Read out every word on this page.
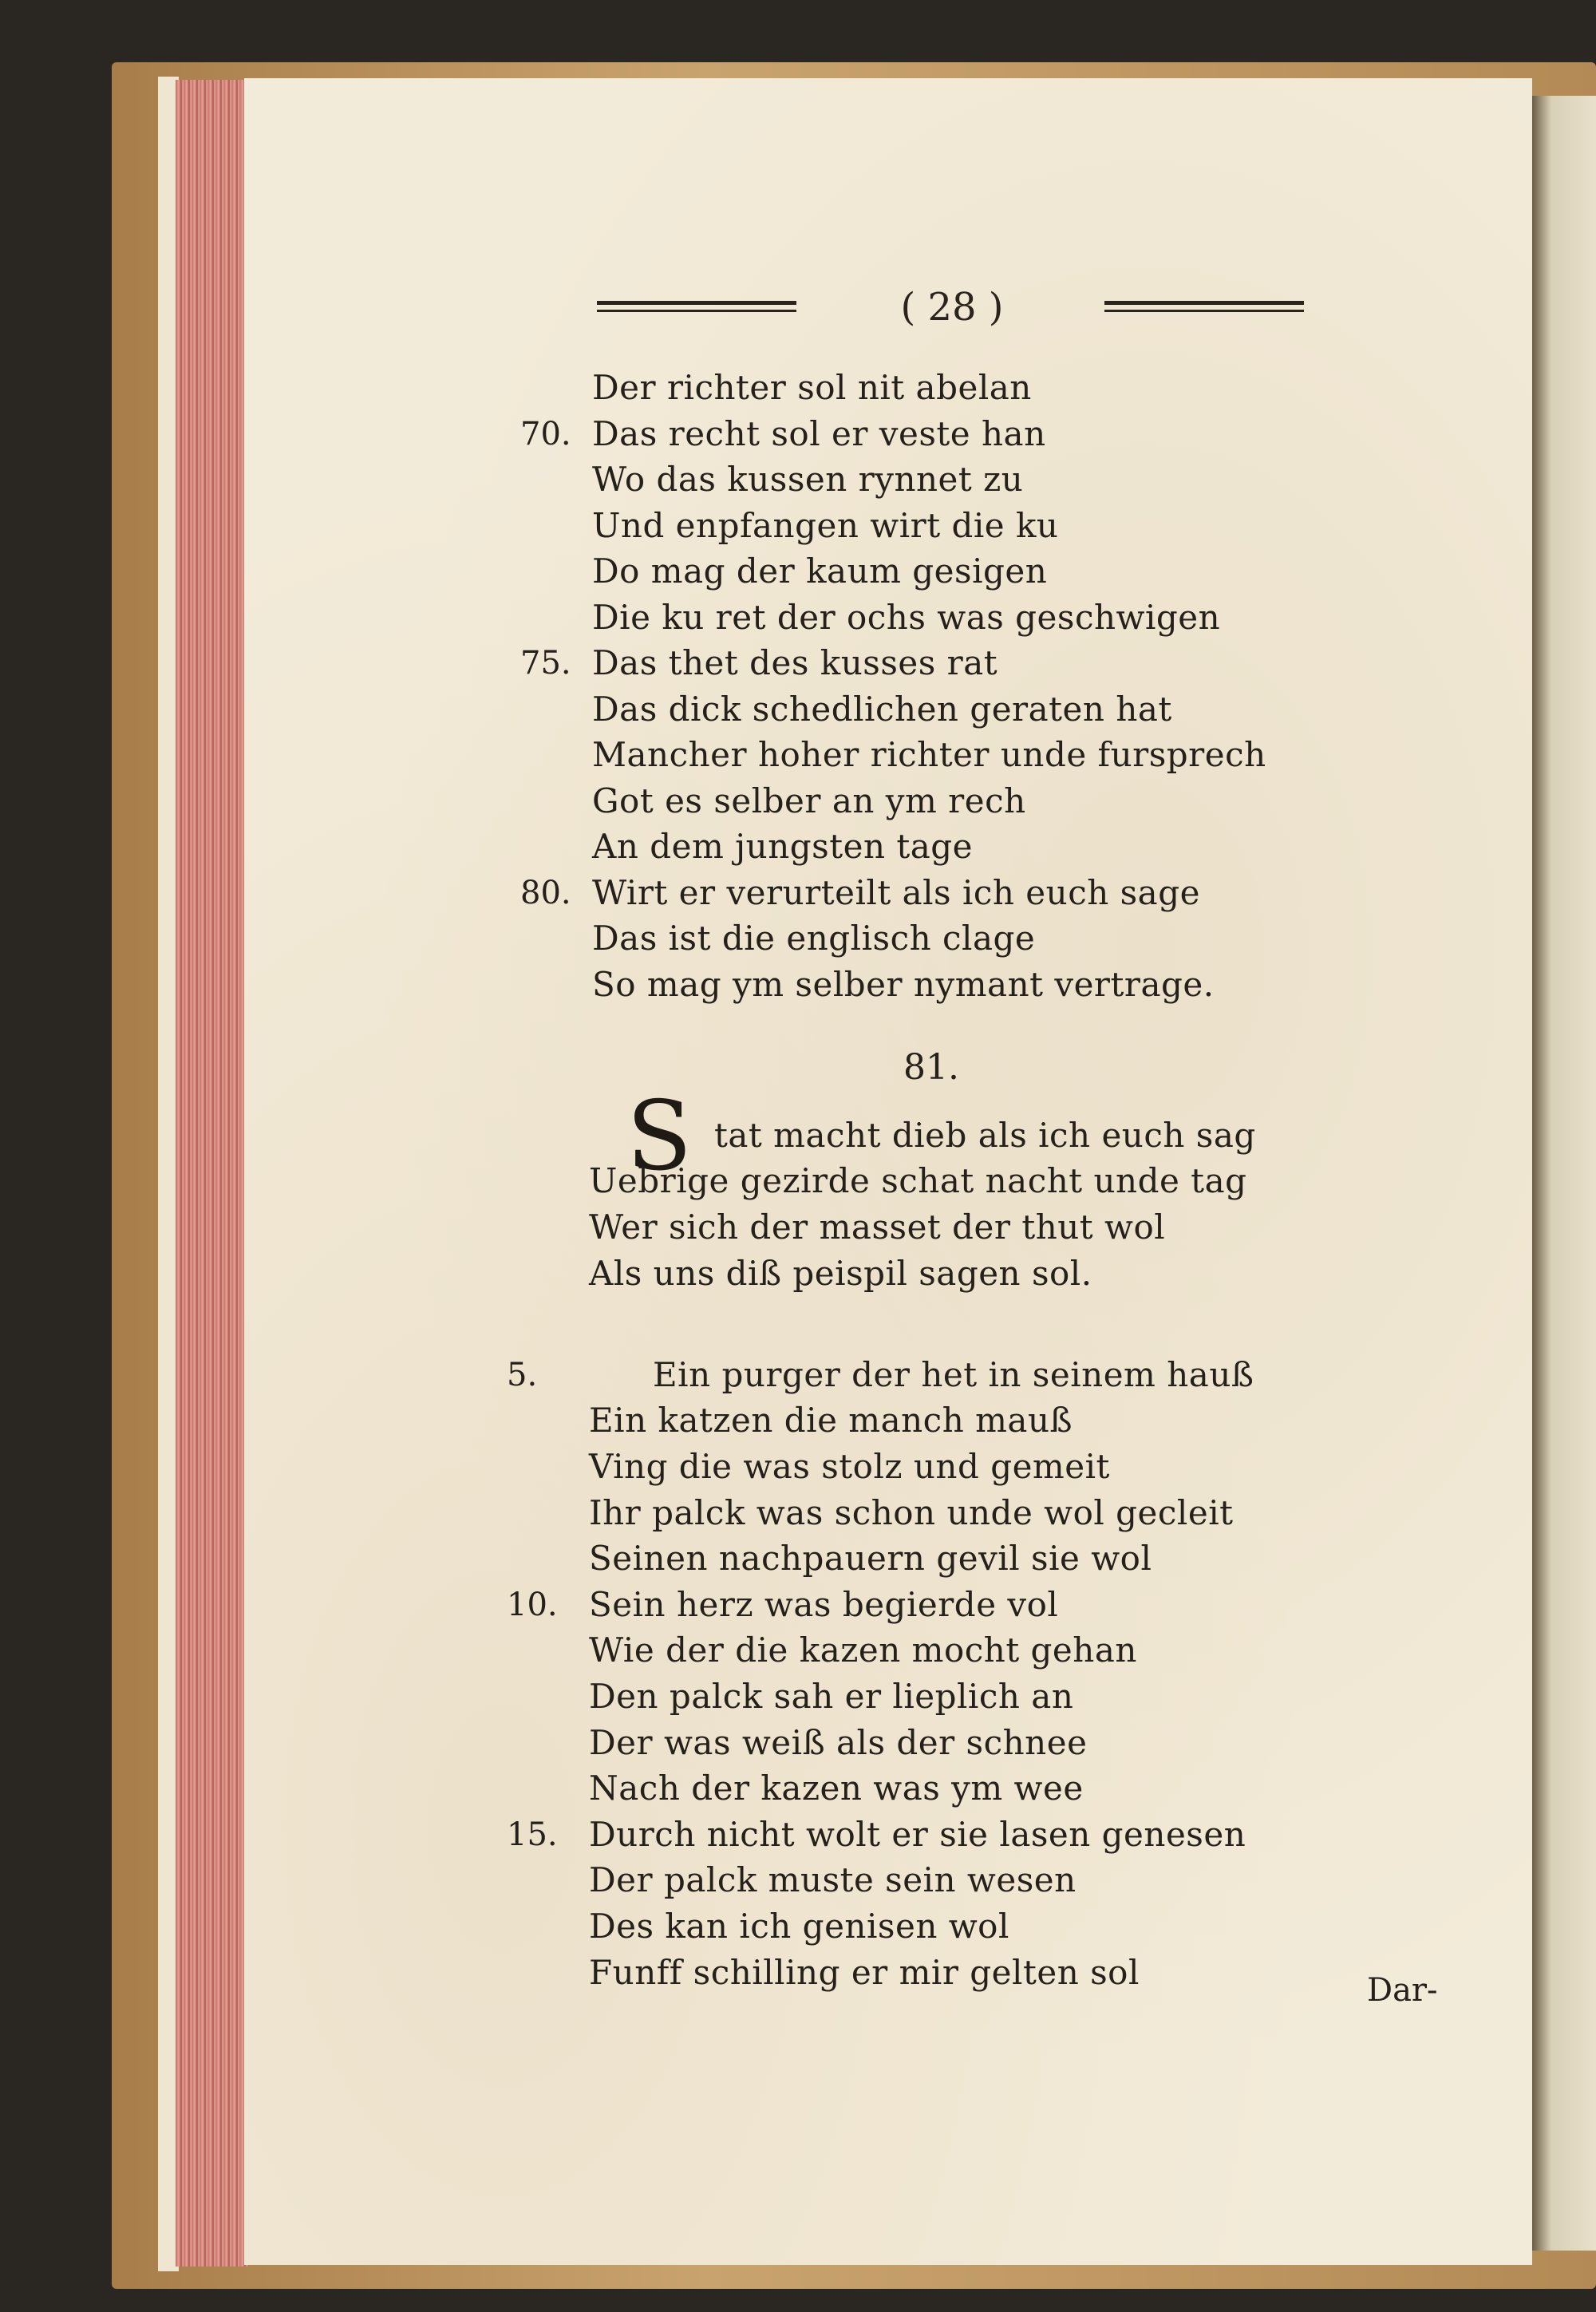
( 28 )
Der richter sol nit abelan
Das recht sol er veste han
70.
Wo das kussen rynnet zu
Und enpfangen wirt die ku
Do mag der kaum gesigen
Die ku ret der ochs was geschwigen
Das thet des kusses rat
75.
Das dick schedlichen geraten hat
Mancher hoher richter unde fursprech
Got es selber an ym rech
An dem jungsten tage
Wirt er verurteilt als ich euch sage
80.
Das ist die englisch clage
So mag ym selber nymant vertrage.
81.
S tat macht dieb als ich euch sag
Uebrige gezirde schat nacht unde tag
Wer sich der masset der thut wol
Als uns diß peispil sagen sol.
Ein purger der het in seinem hauß
5.
Ein katzen die manch mauß
Ving die was stolz und gemeit
Ihr palck was schon unde wol gecleit
Seinen nachpauern gevil sie wol
Sein herz was begierde vol
10.
Wie der die kazen mocht gehan
Den palck sah er lieplich an
Der was weiß als der schnee
Nach der kazen was ym wee
Durch nicht wolt er sie lasen genesen
15.
Der palck muste sein wesen
Des kan ich genisen wol
Funff schilling er mir gelten sol	Dar-
